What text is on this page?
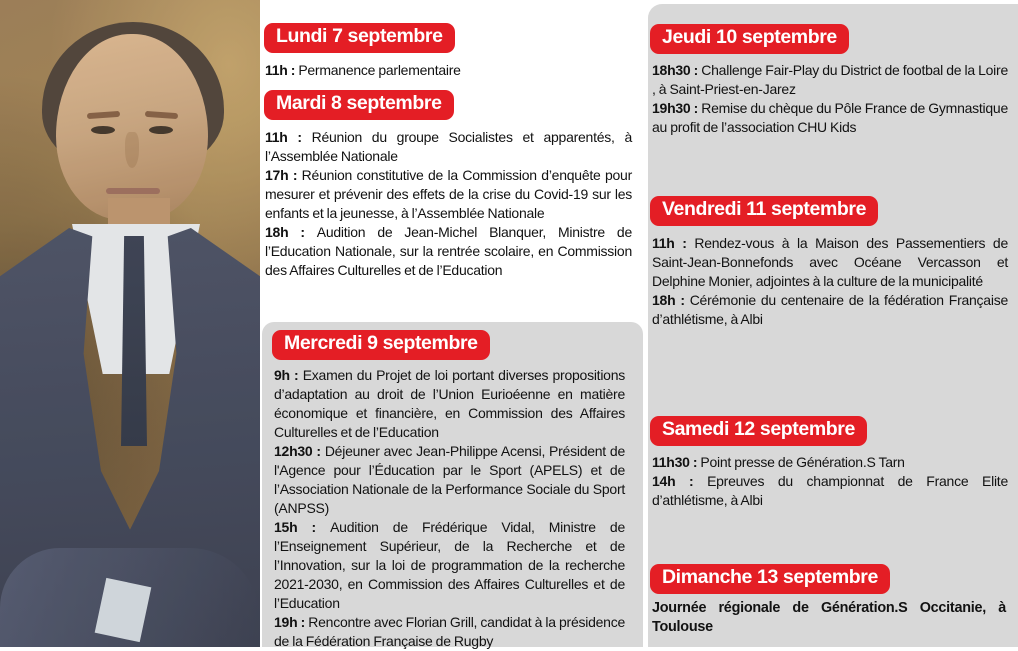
Lundi 7 septembre

11h : Permanence parlementaire

Mardi 8 septembre

11h : Réunion du groupe Socialistes et apparentés, à l’Assemblée Nationale

17h : Réunion constitutive de la Commission d’enquête pour mesurer et prévenir des effets de la crise du Covid-19 sur les enfants et la jeunesse, à l’Assemblée Nationale

18h : Audition de Jean-Michel Blanquer, Ministre de l’Education Nationale, sur la rentrée scolaire, en Commission des Affaires Culturelles et de l’Education

Mercredi 9 septembre

9h : Examen du Projet de loi portant diverses propositions d’adaptation au droit de l’Union Eurioéenne en matière économique et financière, en Commission des Affaires Culturelles et de l’Education

12h30 : Déjeuner avec Jean-Philippe Acensi, Président de l'Agence pour l’Éducation par le Sport (APELS) et de l’Association Nationale de la Performance Sociale du Sport (ANPSS)

15h : Audition de Frédérique Vidal, Ministre de l’Enseignement Supérieur, de la Recherche et de l’Innovation, sur la loi de programmation de la recherche 2021-2030, en Commission des Affaires Culturelles et de l’Education

19h : Rencontre avec Florian Grill, candidat à la présidence de la Fédération Française de Rugby

Jeudi 10 septembre

18h30 : Challenge Fair-Play du District de footbal de la Loire , à Saint-Priest-en-Jarez

19h30 : Remise du chèque du Pôle France de Gymnastique au profit de l’association CHU Kids

Vendredi 11 septembre

11h : Rendez-vous à la Maison des Passementiers de Saint-Jean-Bonnefonds avec Océane Vercasson et Delphine Monier, adjointes à la culture de la municipalité

18h : Cérémonie du centenaire de la fédération Française d’athlétisme, à Albi

Samedi 12 septembre

11h30 : Point presse de Génération.S Tarn

14h : Epreuves du championnat de France Elite d’athlétisme, à Albi

Dimanche 13 septembre

Journée régionale de Génération.S Occitanie, à Toulouse
